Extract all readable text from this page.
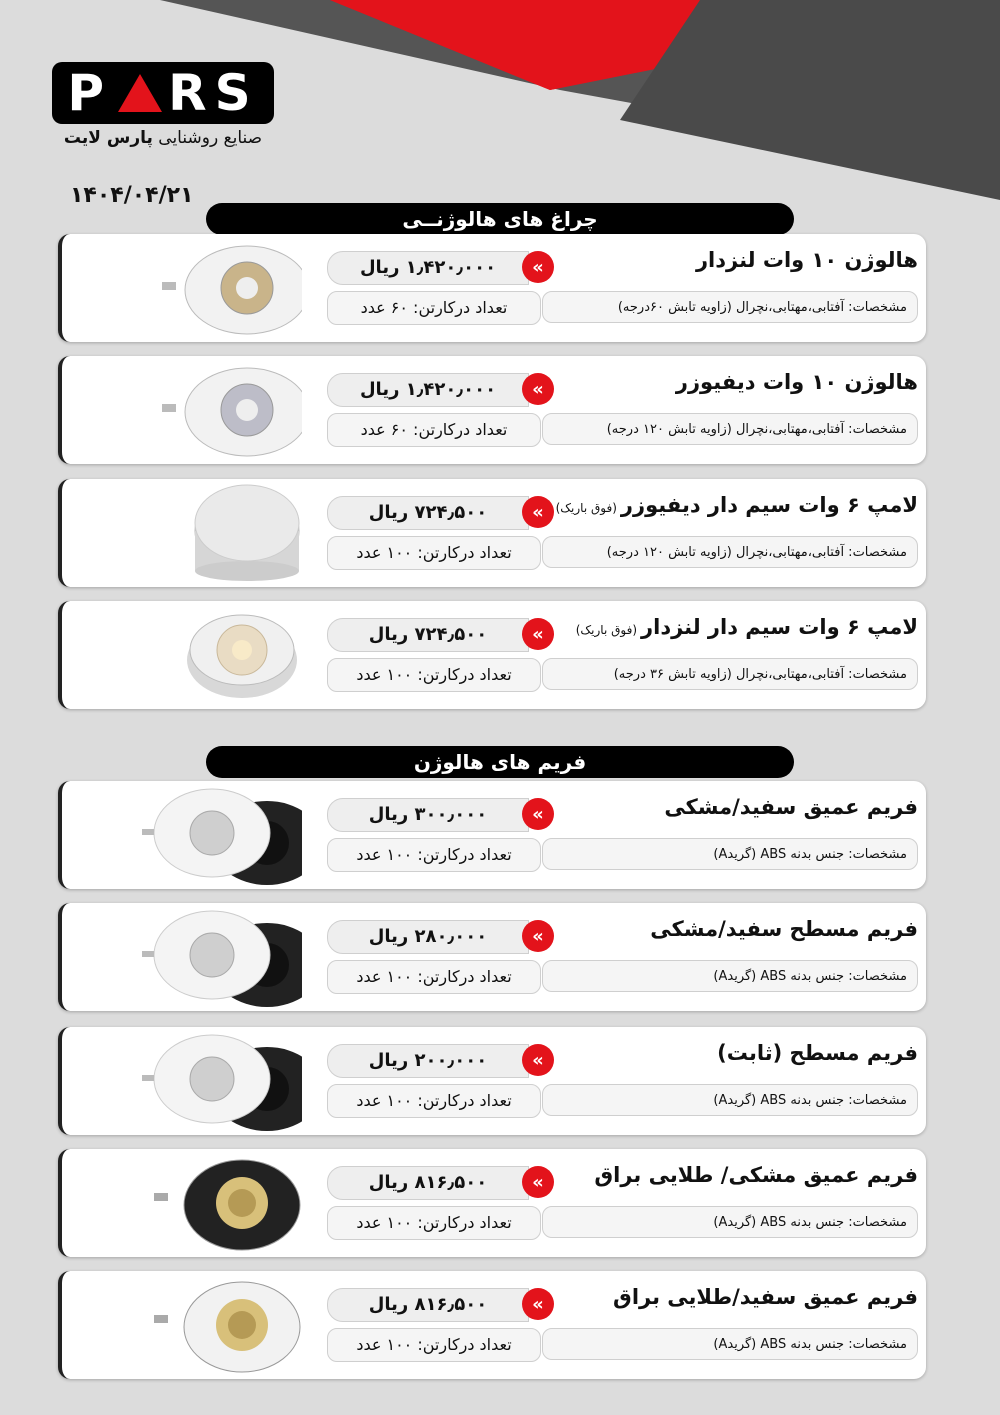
P RS
صنایع روشنایی پارس لایت
۱۴۰۴/۰۴/۲۱
چراغ های هالوژنــی
فریم های هالوژن
هالوژن ۱۰ وات لنزدار
مشخصات: آفتابی،مهتابی،نچرال (زاویه تابش ۶۰درجه)
۱٫۴۲۰٫۰۰۰ ریال	«
تعداد درکارتن: ۶۰ عدد
هالوژن ۱۰ وات دیفیوزر
مشخصات: آفتابی،مهتابی،نچرال (زاویه تابش ۱۲۰ درجه)
۱٫۴۲۰٫۰۰۰ ریال	«
تعداد درکارتن: ۶۰ عدد
لامپ ۶ وات سیم دار دیفیوزر(فوق باریک)
مشخصات: آفتابی،مهتابی،نچرال (زاویه تابش ۱۲۰ درجه)
۷۲۴٫۵۰۰ ریال	«
تعداد درکارتن: ۱۰۰ عدد
لامپ ۶ وات سیم دار لنزدار(فوق باریک)
مشخصات: آفتابی،مهتابی،نچرال (زاویه تابش ۳۶ درجه)
۷۲۴٫۵۰۰ ریال	«
تعداد درکارتن: ۱۰۰ عدد
فریم عمیق سفید/مشکی
مشخصات: جنس بدنه ABS (گریدA)
۳۰۰٫۰۰۰ ریال	«
تعداد درکارتن: ۱۰۰ عدد
فریم مسطح سفید/مشکی
مشخصات: جنس بدنه ABS (گریدA)
۲۸۰٫۰۰۰ ریال	«
تعداد درکارتن: ۱۰۰ عدد
فریم مسطح (ثابت)
مشخصات: جنس بدنه ABS (گریدA)
۲۰۰٫۰۰۰ ریال	«
تعداد درکارتن: ۱۰۰ عدد
فریم عمیق مشکی/ طلایی براق
مشخصات: جنس بدنه ABS (گریدA)
۸۱۶٫۵۰۰ ریال	«
تعداد درکارتن: ۱۰۰ عدد
فریم عمیق سفید/طلایی براق
مشخصات: جنس بدنه ABS (گریدA)
۸۱۶٫۵۰۰ ریال	«
تعداد درکارتن: ۱۰۰ عدد
